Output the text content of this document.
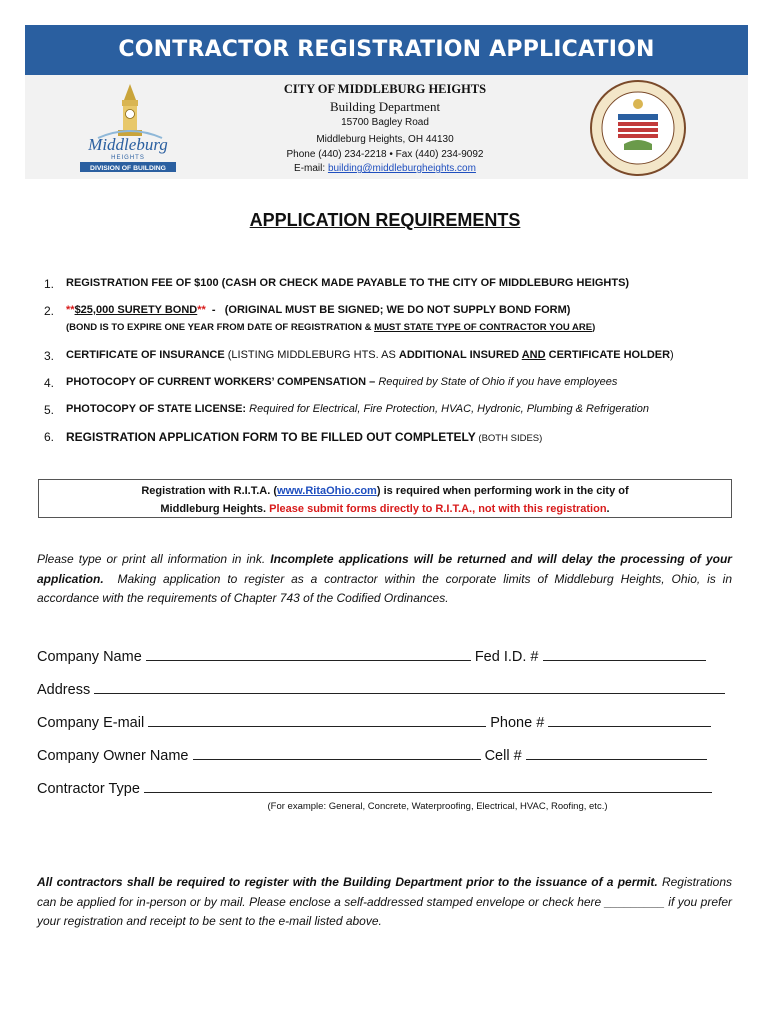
CONTRACTOR REGISTRATION APPLICATION
Middleburg
HEIGHTS
DIVISION OF BUILDING
CITY OF MIDDLEBURG HEIGHTS
Building Department
15700 Bagley Road
Middleburg Heights, OH 44130
Phone (440) 234-2218 • Fax (440) 234-9092
E-mail: building@middleburgheights.com
APPLICATION REQUIREMENTS
1.	REGISTRATION FEE OF $100 (CASH OR CHECK MADE PAYABLE TO THE CITY OF MIDDLEBURG HEIGHTS)
2.	**$25,000 SURETY BOND**  -   (ORIGINAL MUST BE SIGNED; WE DO NOT SUPPLY BOND FORM)
(BOND IS TO EXPIRE ONE YEAR FROM DATE OF REGISTRATION & MUST STATE TYPE OF CONTRACTOR YOU ARE)
3.	CERTIFICATE OF INSURANCE (LISTING MIDDLEBURG HTS. AS ADDITIONAL INSURED AND CERTIFICATE HOLDER)
4.	PHOTOCOPY OF CURRENT WORKERS’ COMPENSATION – Required by State of Ohio if you have employees
5.	PHOTOCOPY OF STATE LICENSE: Required for Electrical, Fire Protection, HVAC, Hydronic, Plumbing & Refrigeration
6. REGISTRATION APPLICATION FORM TO BE FILLED OUT COMPLETELY (BOTH SIDES)
Registration with R.I.T.A. (www.RitaOhio.com) is required when performing work in the city of
Middleburg Heights. Please submit forms directly to R.I.T.A., not with this registration.
Please type or print all information in ink. Incomplete applications will be returned and will delay the processing of your application.  Making application to register as a contractor within the corporate limits of Middleburg Heights, Ohio, is in accordance with the requirements of Chapter 743 of the Codified Ordinances.
Company Name	Fed I.D. #
Address
Company E-mail	Phone #
Company Owner Name	Cell #
Contractor Type
(For example: General, Concrete, Waterproofing, Electrical, HVAC, Roofing, etc.)
All contractors shall be required to register with the Building Department prior to the issuance of a permit. Registrations can be applied for in-person or by mail. Please enclose a self-addressed stamped envelope or check here _________ if you prefer your registration and receipt to be sent to the e-mail listed above.
